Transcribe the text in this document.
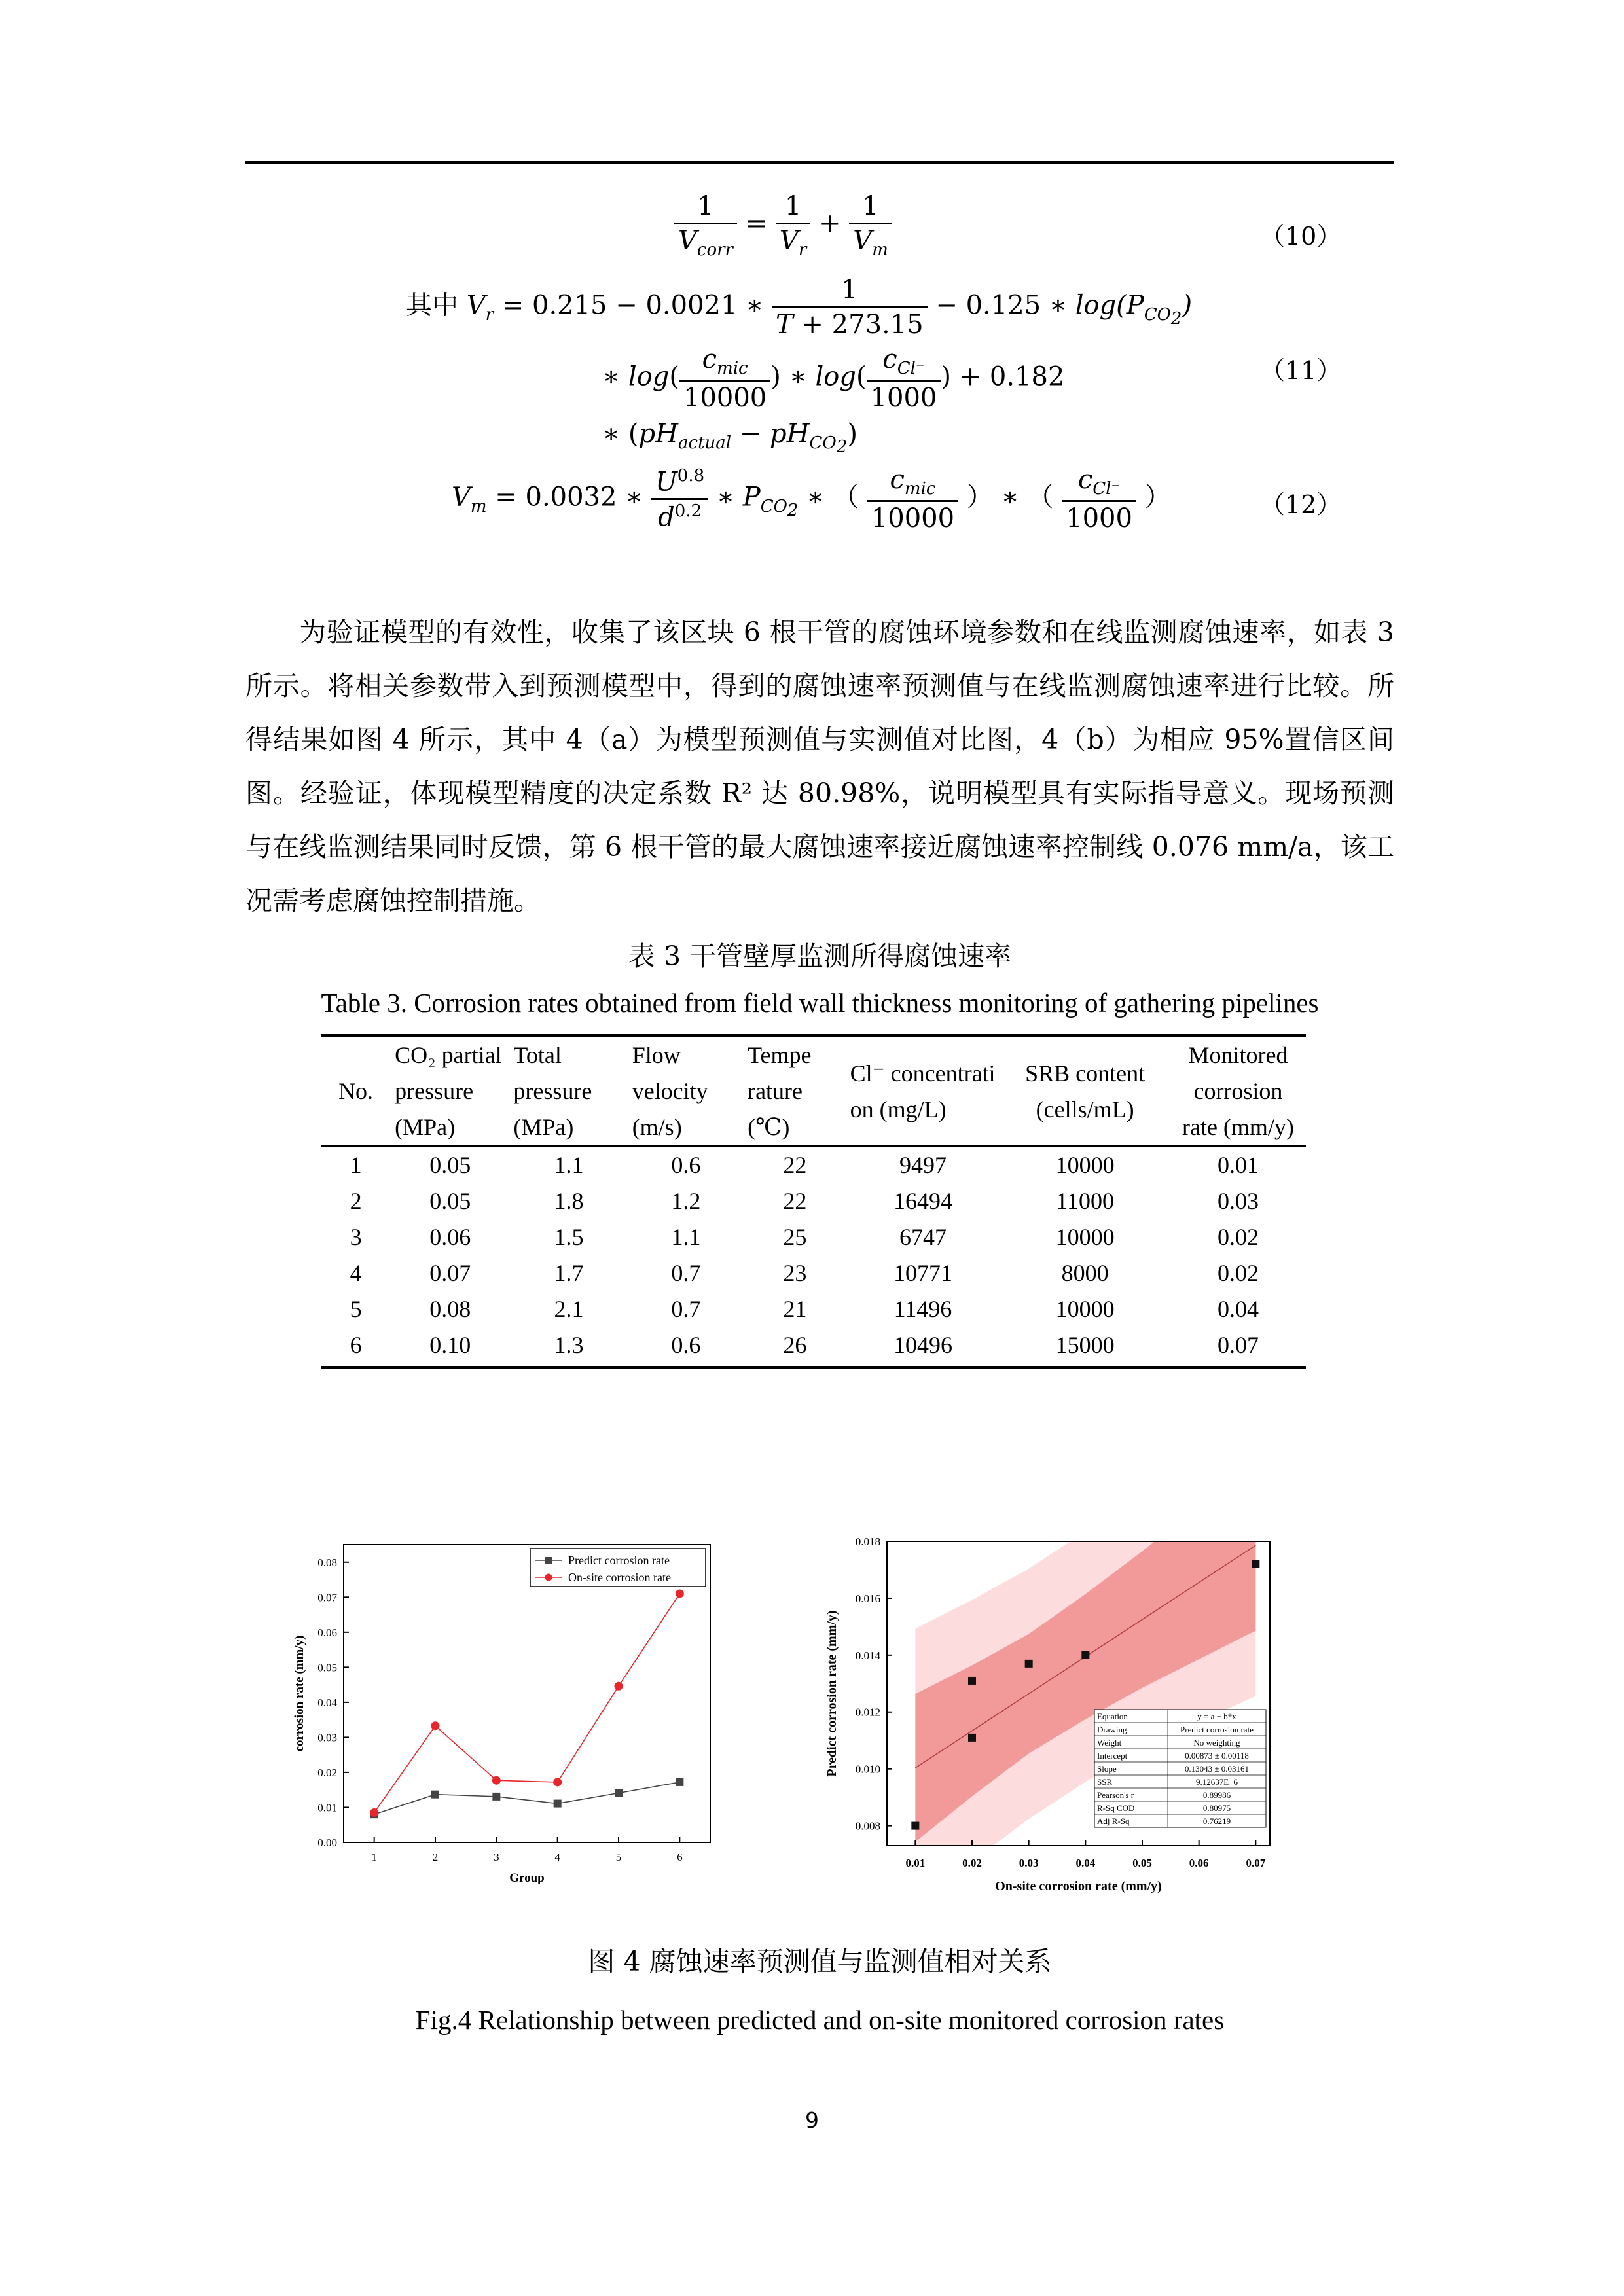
$\frac{1}{V_{corr}} = \frac{1}{V_r} + \frac{1}{V_m}$	（10）
其中 $V_r = 0.215 - 0.0021$ ∗ $\frac{1}{T + 273.15} - 0.125$ ∗ $\log(P_{CO_2})$
∗ $\log( \frac{c_{mic}}{10000}$ ) ∗ $\log( \frac{c_{Cl^-}}{1000}$ ) + 0.182
∗ $(pH_{actual} - pH_{CO_2})$
（11）
$V_m = 0.0032$ ∗ $\frac{U^{0.8}}{d^{0.2}}$ ∗ $P_{CO_2}$ ∗ （ $\frac{c_{mic}}{10000}$ ） ∗ （ $\frac{c_{Cl^-}}{1000}$ ）	（12）

为验证模型的有效性，收集了该区块 6 根干管的腐蚀环境参数和在线监测腐蚀速率，如表 3 所示。将相关参数带入到预测模型中，得到的腐蚀速率预测值与在线监测腐蚀速率进行比较。所得结果如图 4 所示，其中 4（a）为模型预测值与实测值对比图，4（b）为相应 95%置信区间图。经验证，体现模型精度的决定系数 R² 达 80.98%，说明模型具有实际指导意义。现场预测与在线监测结果同时反馈，第 6 根干管的最大腐蚀速率接近腐蚀速率控制线 0.076 mm/a，该工况需考虑腐蚀控制措施。

表 3 干管壁厚监测所得腐蚀速率
Table 3. Corrosion rates obtained from field wall thickness monitoring of gathering pipelines
No.	CO₂ partial pressure (MPa)	Total pressure (MPa)	Flow velocity (m/s)	Tempe rature (℃)	Cl⁻ concentrati on (mg/L)	SRB content (cells/mL)	Monitored corrosion rate (mm/y)
1	0.05	1.1	0.6	22	9497	10000	0.01
2	0.05	1.8	1.2	22	16494	11000	0.03
3	0.06	1.5	1.1	25	6747	10000	0.02
4	0.07	1.7	0.7	23	10771	8000	0.02
5	0.08	2.1	0.7	21	11496	10000	0.04
6	0.10	1.3	0.6	26	10496	15000	0.07
0.00
0.01
0.02
0.03
0.04
0.05
0.06
0.07
0.08
1	2	3	4	5	6
Group
corrosion rate (mm/y)
Predict corrosion rate
On-site corrosion rate
0.008
0.010
0.012
0.014
0.016
0.018
0.01	0.02	0.03	0.04	0.05	0.06	0.07
On-site corrosion rate (mm/y)
Predict corrosion rate (mm/y)	Equation	y = a + b*x
Drawing	Predict corrosion rate
Weight	No weighting
Intercept	0.00873 ± 0.00118
Slope	0.13043 ± 0.03161
SSR	9.12637E−6
Pearson's r	0.89986
R-Sq COD	0.80975
Adj R-Sq	0.76219
图 4 腐蚀速率预测值与监测值相对关系
Fig.4 Relationship between predicted and on-site monitored corrosion rates
9
